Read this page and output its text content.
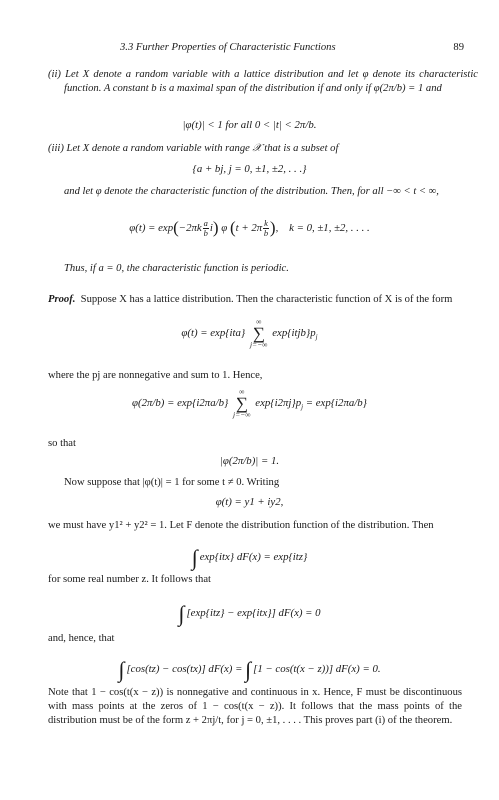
3.3 Further Properties of Characteristic Functions	89
(ii) Let X denote a random variable with a lattice distribution and let φ denote its characteristic function. A constant b is a maximal span of the distribution if and only if φ(2π/b) = 1 and
|φ(t)| < 1 for all 0 < |t| < 2π/b.
(iii) Let X denote a random variable with range 𝒳 that is a subset of
{a + bj, j = 0, ±1, ±2, . . .}
and let φ denote the characteristic function of the distribution. Then, for all −∞ < t < ∞,
$\varphi(t) = \exp(-2\pi k \frac{a}{b} i)$ φ ($t + 2\pi \frac{k}{b}$ ),    k = 0, ±1, ±2, . . . .
Thus, if a = 0, the characteristic function is periodic.
Proof. Suppose X has a lattice distribution. Then the characteristic function of X is of the form
φ(t) = exp{ita}
∞
∑
j=−∞
$\exp\{itjb\}p_j$
where the pj are nonnegative and sum to 1. Hence,
φ(2π/b) = exp{i2πa/b}
∞
∑
j=−∞
$\exp\{i2\pi j\}p_j = \exp\{i2\pi a/b\}$
so that
|φ(2π/b)| = 1.
Now suppose that |φ(t)| = 1 for some t ≠ 0. Writing
φ(t) = y1 + iy2,
we must have y1² + y2² = 1. Let F denote the distribution function of the distribution. Then
∫ exp{itx} dF(x) = exp{itz}
for some real number z. It follows that
∫ [exp{itz} − exp{itx}] dF(x) = 0
and, hence, that
∫ [cos(tz) − cos(tx)] dF(x) = ∫ [1 − cos(t(x − z))] dF(x) = 0.
Note that 1 − cos(t(x − z)) is nonnegative and continuous in x. Hence, F must be discontinuous with mass points at the zeros of 1 − cos(t(x − z)). It follows that the mass points of the distribution must be of the form z + 2πj/t, for j = 0, ±1, . . . . This proves part (i) of the theorem.
